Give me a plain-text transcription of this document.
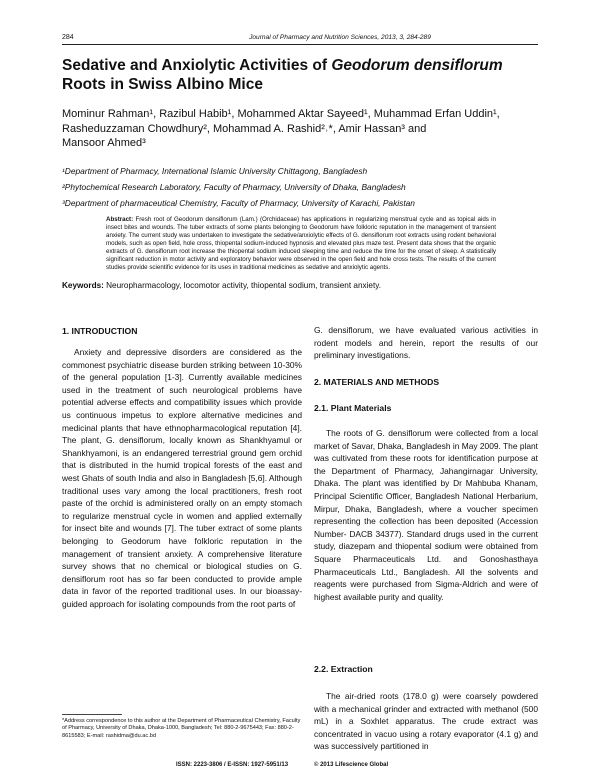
284	Journal of Pharmacy and Nutrition Sciences, 2013, 3, 284-289
Sedative and Anxiolytic Activities of Geodorum densiflorum Roots in Swiss Albino Mice
Mominur Rahman¹, Razibul Habib¹, Mohammed Aktar Sayeed¹, Muhammad Erfan Uddin¹,
Rasheduzzaman Chowdhury², Mohammad A. Rashid²˒*, Amir Hassan³ and
Mansoor Ahmed³
¹Department of Pharmacy, International Islamic University Chittagong, Bangladesh
²Phytochemical Research Laboratory, Faculty of Pharmacy, University of Dhaka, Bangladesh
³Department of pharmaceutical Chemistry, Faculty of Pharmacy, University of Karachi, Pakistan
Abstract: Fresh root of Geodorum densiflorum (Lam.) (Orchidaceae) has applications in regularizing menstrual cycle and as topical aids in insect bites and wounds. The tuber extracts of some plants belonging to Geodorum have folkloric reputation in the management of transient anxiety. The current study was undertaken to investigate the sedative/anxiolytic effects of G. densiflorum root extracts using rodent behavioral models, such as open field, hole cross, thiopental sodium-induced hypnosis and elevated plus maze test. Present data shows that the organic extracts of G. densiflorum root increase the thiopental sodium induced sleeping time and reduce the time for the onset of sleep. A statistically significant reduction in motor activity and exploratory behavior were observed in the open field and hole cross tests. The results of the current studies provide scientific evidence for its uses in traditional medicines as sedative and anxiolytic agents.
Keywords: Neuropharmacology, locomotor activity, thiopental sodium, transient anxiety.
1. INTRODUCTION

Anxiety and depressive disorders are considered as the commonest psychiatric disease burden striking between 10-30% of the general population [1-3]. Currently available medicines used in the treatment of such neurological problems have potential adverse effects and compatibility issues which provide us continuous impetus to explore alternative medicines and medicinal plants that have ethnopharmacological reputation [4]. The plant, G. densiflorum, locally known as Shankhyamul or Shankhyamoni, is an endangered terrestrial ground gem orchid that is distributed in the humid tropical forests of the east and west Ghats of south India and also in Bangladesh [5,6]. Although traditional uses vary among the local practitioners, fresh root paste of the orchid is administered orally on an empty stomach to regularize menstrual cycle in women and applied externally for insect bite and wounds [7]. The tuber extract of some plants belonging to Geodorum have folkloric reputation in the management of transient anxiety. A comprehensive literature survey shows that no chemical or biological studies on G. densiflorum root has so far been conducted to provide ample data in favor of the reported traditional uses. In our bioassay-guided approach for isolating compounds from the root parts of

G. densiflorum, we have evaluated various activities in rodent models and herein, report the results of our preliminary investigations.
2. MATERIALS AND METHODS
2.1. Plant Materials

The roots of G. densiflorum were collected from a local market of Savar, Dhaka, Bangladesh in May 2009. The plant was cultivated from these roots for identification purpose at the Department of Pharmacy, Jahangirnagar University, Dhaka. The plant was identified by Dr Mahbuba Khanam, Principal Scientific Officer, Bangladesh National Herbarium, Mirpur, Dhaka, Bangladesh, where a voucher specimen representing the collection has been deposited (Accession Number- DACB 34377). Standard drugs used in the current study, diazepam and thiopental sodium were obtained from Square Pharmaceuticals Ltd. and Gonoshasthaya Pharmaceuticals Ltd., Bangladesh. All the solvents and reagents were purchased from Sigma-Aldrich and were of highest available purity and quality.

2.2. Extraction

The air-dried roots (178.0 g) were coarsely powdered with a mechanical grinder and extracted with methanol (500 mL) in a Soxhlet apparatus. The crude extract was concentrated in vacuo using a rotary evaporator (4.1 g) and was successively partitioned in

*Address correspondence to this author at the Department of Pharmaceutical Chemistry, Faculty of Pharmacy, University of Dhaka, Dhaka-1000, Bangladesh; Tel: 880-2-9675443; Fax: 880-2-8615583; E-mail: rashidma@du.ac.bd
ISSN: 2223-3806 / E-ISSN: 1927-5951/13	© 2013 Lifescience Global
